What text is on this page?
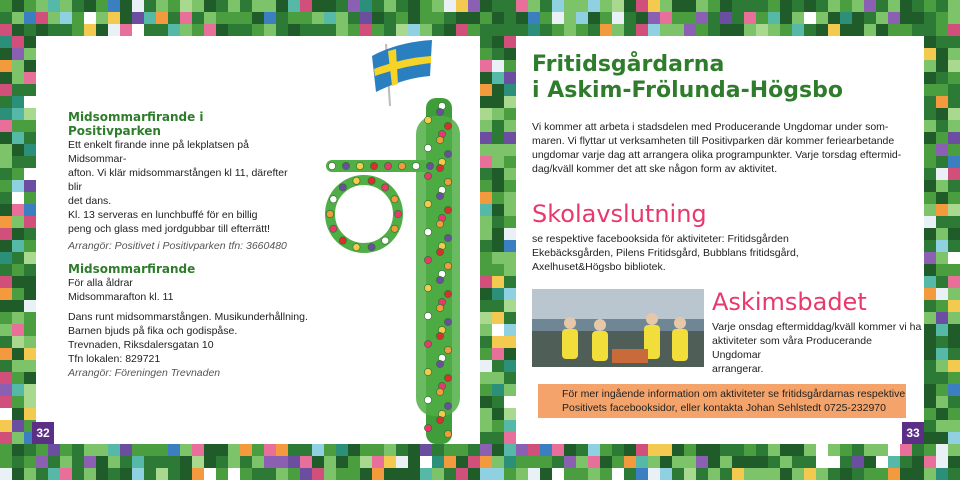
Midsommarfirande i Positivparken
Ett enkelt firande inne på lekplatsen på Midsommar-
afton. Vi klär midsommarstången kl 11, därefter blir
det dans.
Kl. 13 serveras en lunchbuffé för en billig
peng och glass med jordgubbar till efterrätt!
Arrangör: Positivet i Positivparken tfn: 3660480
Midsommarfirande
För alla åldrar
Midsommarafton kl. 11
Dans runt midsommarstången. Musikunderhållning.
Barnen bjuds på fika och godispåse.
Trevnaden, Riksdalersgatan 10
Tfn lokalen: 829721
Arrangör: Föreningen Trevnaden
32
Fritidsgårdarna
i Askim-Frölunda-Högsbo
Vi kommer att arbeta i stadsdelen med Producerande Ungdomar under som-
maren. Vi flyttar ut verksamheten till Positivparken där kommer feriearbetande
ungdomar varje dag att arrangera olika programpunkter. Varje torsdag eftermid-
dag/kväll kommer det att ske någon form av aktivitet.
Skolavslutning
se respektive facebooksida för aktiviteter: Fritidsgården
Ekebäcksgården, Pilens Fritidsgård, Bubblans fritidsgård,
Axelhuset&Högsbo bibliotek.
Askimsbadet
Varje onsdag eftermiddag/kväll kommer vi ha
aktiviteter som våra Producerande Ungdomar
arrangerar.
För mer ingående information om aktiviteter se fritidsgårdarnas respektive
Positivets facebooksidor, eller kontakta Johan Sehlstedt 0725-232970
33
